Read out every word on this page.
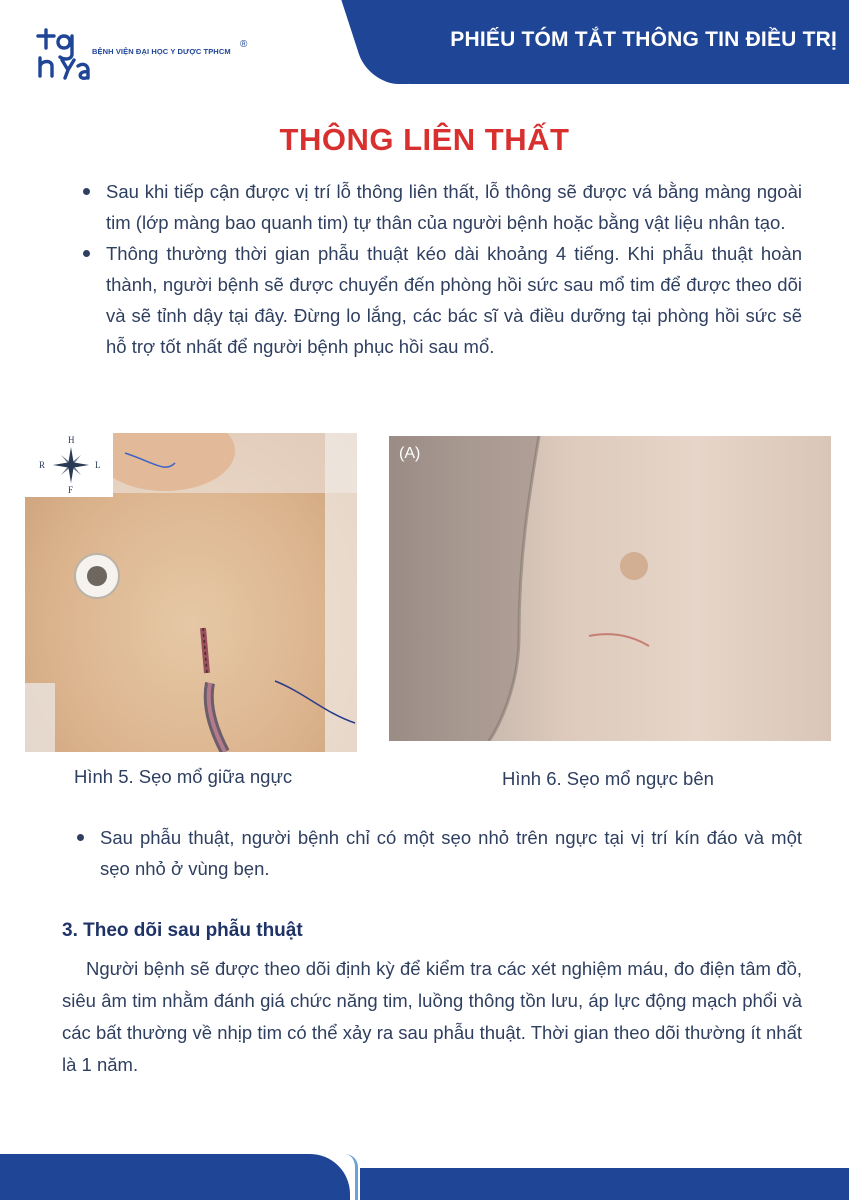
BỆNH VIỆN ĐẠI HỌC Y DƯỢC TPHCM
®	PHIẾU TÓM TẮT THÔNG TIN ĐIỀU TRỊ
THÔNG LIÊN THẤT
Sau khi tiếp cận được vị trí lỗ thông liên thất, lỗ thông sẽ được vá bằng màng ngoài tim (lớp màng bao quanh tim) tự thân của người bệnh hoặc bằng vật liệu nhân tạo.
Thông thường thời gian phẫu thuật kéo dài khoảng 4 tiếng. Khi phẫu thuật hoàn thành, người bệnh sẽ được chuyển đến phòng hồi sức sau mổ tim để được theo dõi và sẽ tỉnh dậy tại đây. Đừng lo lắng, các bác sĩ và điều dưỡng tại phòng hồi sức sẽ hỗ trợ tốt nhất để người bệnh phục hồi sau mổ.
H
R	L
F
Hình 5. Sẹo mổ giữa ngực
(A)
Hình 6. Sẹo mổ ngực bên
Sau phẫu thuật, người bệnh chỉ có một sẹo nhỏ trên ngực tại vị trí kín đáo và một sẹo nhỏ ở vùng bẹn.
3. Theo dõi sau phẫu thuật
Người bệnh sẽ được theo dõi định kỳ để kiểm tra các xét nghiệm máu, đo điện tâm đồ, siêu âm tim nhằm đánh giá chức năng tim, luồng thông tồn lưu, áp lực động mạch phổi và các bất thường về nhịp tim có thể xảy ra sau phẫu thuật. Thời gian theo dõi thường ít nhất là 1 năm.
